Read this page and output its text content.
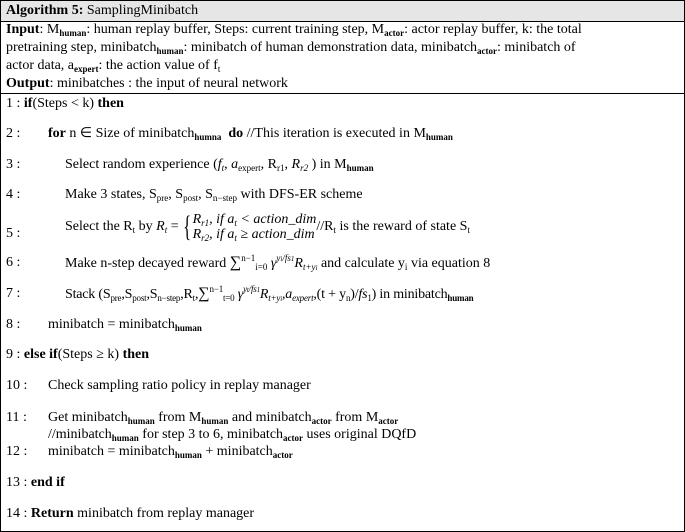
Algorithm 5: SamplingMinibatch
Input: $M_{human}$: human replay buffer, Steps: current training step, $M_{actor}$: actor replay buffer, k: the total
pretraining step, minibatch$_{human}$: minibatch of human demonstration data, minibatch$_{actor}$: minibatch of
actor data, $a_{expert}$: the action value of $f_t$
Output: minibatches : the input of neural network
1 : if(Steps < k) then
2 : for n ∈ Size of minibatch$_{humna}$ do //This iteration is executed in $M_{human}$
3 :	Select random experience ($f_t$, $a_{expert}$, $R_{r1}$, $R_{r2}$ ) in $M_{human}$
4 :	Make 3 states, $S_{pre}$, $S_{post}$, $S_{n-step}$ with DFS-ER scheme
5 :	Select the $R_t$ by $R_t$ = { $R_{r1}$, if $a_t$ < action_dim
$R_{r2}$, if $a_t$ ≥ action_dim
$//R_t$ is the reward of state $S_t$
6 :	Make n-step decayed reward ∑$^{n-1}_{i=0}$ $\gamma^{yi/fs1}R_{t+yi}$ and calculate $y_i$ via equation 8
7 :	Stack ($S_{pre},S_{post},S_{n-step},R_t,\sum^{n-1}_{t=0}$ $\gamma^{yt/fs1}R_{t+yi},a_{expert},(t + y_n)/fs_1$) in minibatch$_{human}$
8 : minibatch = minibatch$_{human}$
9 : else if(Steps ≥ k) then
10 : Check sampling ratio policy in replay manager
11 : Get minibatch$_{human}$ from $M_{human}$ and minibatch$_{actor}$ from $M_{actor}$
//minibatch$_{human}$ for step 3 to 6, minibatch$_{actor}$ uses original DQfD
12 : minibatch = minibatch$_{human}$ + minibatch$_{actor}$
13 : end if
14 : Return minibatch from replay manager
